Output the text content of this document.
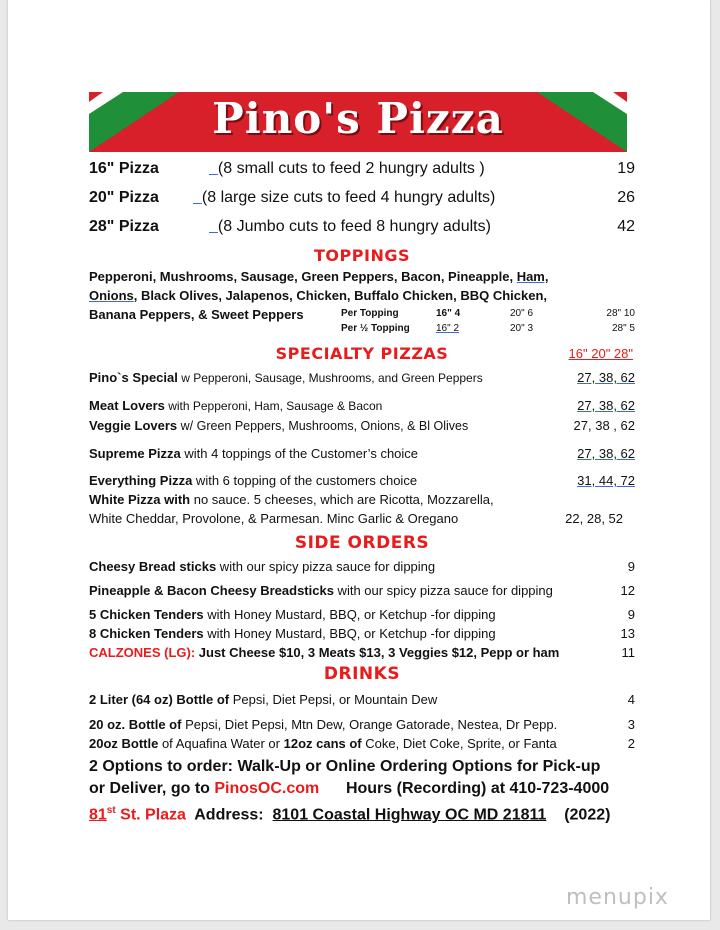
Pino's Pizza
16" Pizza	(8 small cuts to feed 2 hungry adults )	19
20" Pizza	(8 large size cuts to feed 4 hungry adults)	26
28" Pizza	(8 Jumbo cuts to feed 8 hungry adults)	42
TOPPINGS
Pepperoni, Mushrooms, Sausage, Green Peppers, Bacon, Pineapple, Ham,
Onions, Black Olives, Jalapenos, Chicken, Buffalo Chicken, BBQ Chicken,
Banana Peppers, & Sweet Peppers	Per Topping	16" 4	20" 6	28" 10
Per ½ Topping	16" 2	20" 3	28" 5
SPECIALTY PIZZAS	16" 20" 28"
Pino`s Special w Pepperoni, Sausage, Mushrooms, and Green Peppers	27, 38, 62
Meat Lovers with Pepperoni, Ham, Sausage & Bacon	27, 38, 62
Veggie Lovers w/ Green Peppers, Mushrooms, Onions, & Bl Olives	27, 38 , 62
Supreme Pizza with 4 toppings of the Customer’s choice	27, 38, 62
Everything Pizza with 6 topping of the customers choice	31, 44, 72
White Pizza with no sauce. 5 cheeses, which are Ricotta, Mozzarella,
White Cheddar, Provolone, & Parmesan. Minc Garlic & Oregano	22, 28, 52
SIDE ORDERS
Cheesy Bread sticks with our spicy pizza sauce for dipping	9
Pineapple & Bacon Cheesy Breadsticks with our spicy pizza sauce for dipping	12
5 Chicken Tenders with Honey Mustard, BBQ, or Ketchup -for dipping	9
8 Chicken Tenders with Honey Mustard, BBQ, or Ketchup -for dipping	13
CALZONES (LG): Just Cheese $10, 3 Meats $13, 3 Veggies $12, Pepp or ham	11
DRINKS
2 Liter (64 oz) Bottle of Pepsi, Diet Pepsi, or Mountain Dew	4
20 oz. Bottle of Pepsi, Diet Pepsi, Mtn Dew, Orange Gatorade, Nestea, Dr Pepp.	3
20oz Bottle of Aquafina Water or 12oz cans of Coke, Diet Coke, Sprite, or Fanta	2
2 Options to order: Walk-Up or Online Ordering Options for Pick-up
or Deliver, go to PinosOC.com      Hours (Recording) at 410-723-4000
81st St. Plaza  Address:  8101 Coastal Highway OC MD 21811    (2022)
menupix
